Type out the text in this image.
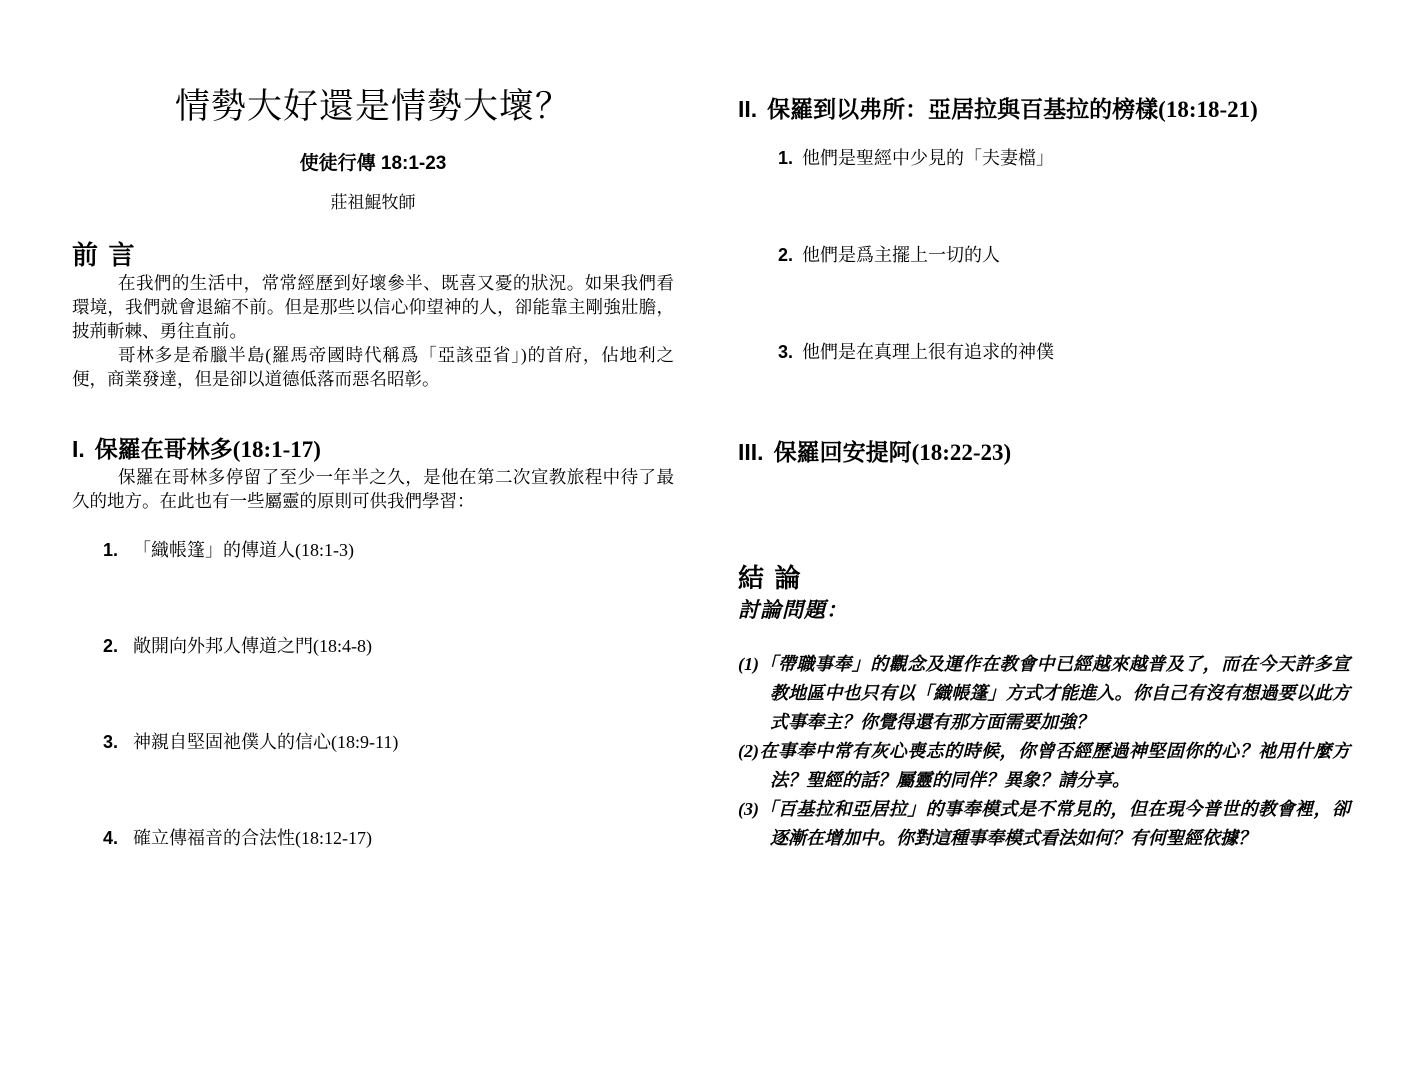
情勢大好還是情勢大壞？
使徒行傳 18:1-23
莊祖鯤牧師
前 言

在我們的生活中，常常經歷到好壞參半、既喜又憂的狀況。如果我們看環境，我們就會退縮不前。但是那些以信心仰望神的人，卻能靠主剛強壯膽，披荊斬棘、勇往直前。

哥林多是希臘半島(羅馬帝國時代稱爲「亞該亞省」)的首府，佔地利之便，商業發達，但是卻以道德低落而惡名昭彰。

I. 保羅在哥林多(18:1-17)

保羅在哥林多停留了至少一年半之久，是他在第二次宣教旅程中待了最久的地方。在此也有一些屬靈的原則可供我們學習：

1. 「織帳篷」的傳道人(18:1-3)
2. 敞開向外邦人傳道之門(18:4-8)
3. 神親自堅固祂僕人的信心(18:9-11)
4. 確立傳福音的合法性(18:12-17)
II. 保羅到以弗所：亞居拉與百基拉的榜樣(18:18-21)
1. 他們是聖經中少見的「夫妻檔」
2. 他們是爲主擺上一切的人
3. 他們是在真理上很有追求的神僕
III. 保羅回安提阿(18:22-23)
結 論
討論問題：
(1)「帶職事奉」的觀念及運作在教會中已經越來越普及了，而在今天許多宣教地區中也只有以「織帳篷」方式才能進入。你自己有沒有想過要以此方式事奉主？你覺得還有那方面需要加強？
(2)在事奉中常有灰心喪志的時候，你曾否經歷過神堅固你的心？祂用什麼方法？聖經的話？屬靈的同伴？異象？請分享。
(3)「百基拉和亞居拉」的事奉模式是不常見的，但在現今普世的教會裡，卻逐漸在增加中。你對這種事奉模式看法如何？有何聖經依據？
